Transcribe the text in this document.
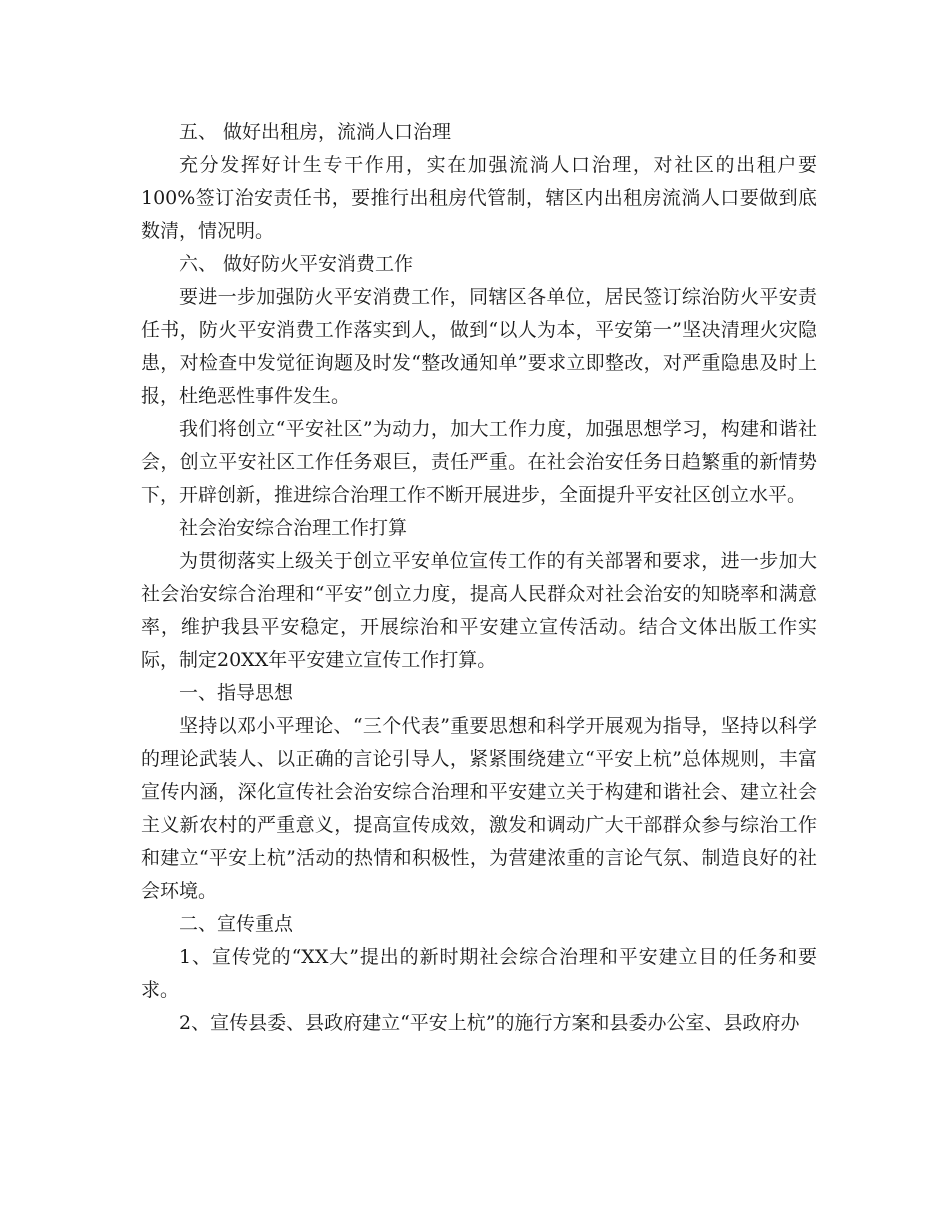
五、 做好出租房，流淌人口治理

充分发挥好计生专干作用，实在加强流淌人口治理，对社区的出租户要100%签订治安责任书，要推行出租房代管制，辖区内出租房流淌人口要做到底数清，情况明。

六、 做好防火平安消费工作

要进一步加强防火平安消费工作，同辖区各单位，居民签订综治防火平安责任书，防火平安消费工作落实到人，做到“以人为本，平安第一”坚决清理火灾隐患，对检查中发觉征询题及时发“整改通知单”要求立即整改，对严重隐患及时上报，杜绝恶性事件发生。

我们将创立“平安社区”为动力，加大工作力度，加强思想学习，构建和谐社会，创立平安社区工作任务艰巨，责任严重。在社会治安任务日趋繁重的新情势下，开辟创新，推进综合治理工作不断开展进步，全面提升平安社区创立水平。

社会治安综合治理工作打算

为贯彻落实上级关于创立平安单位宣传工作的有关部署和要求，进一步加大社会治安综合治理和“平安”创立力度，提高人民群众对社会治安的知晓率和满意率，维护我县平安稳定，开展综治和平安建立宣传活动。结合文体出版工作实际，制定20XX年平安建立宣传工作打算。

一、指导思想

坚持以邓小平理论、“三个代表”重要思想和科学开展观为指导，坚持以科学的理论武装人、以正确的言论引导人，紧紧围绕建立“平安上杭”总体规则，丰富宣传内涵，深化宣传社会治安综合治理和平安建立关于构建和谐社会、建立社会主义新农村的严重意义，提高宣传成效，激发和调动广大干部群众参与综治工作和建立“平安上杭”活动的热情和积极性，为营建浓重的言论气氛、制造良好的社会环境。

二、宣传重点

1、宣传党的“XX大”提出的新时期社会综合治理和平安建立目的任务和要求。

2、宣传县委、县政府建立“平安上杭”的施行方案和县委办公室、县政府办
